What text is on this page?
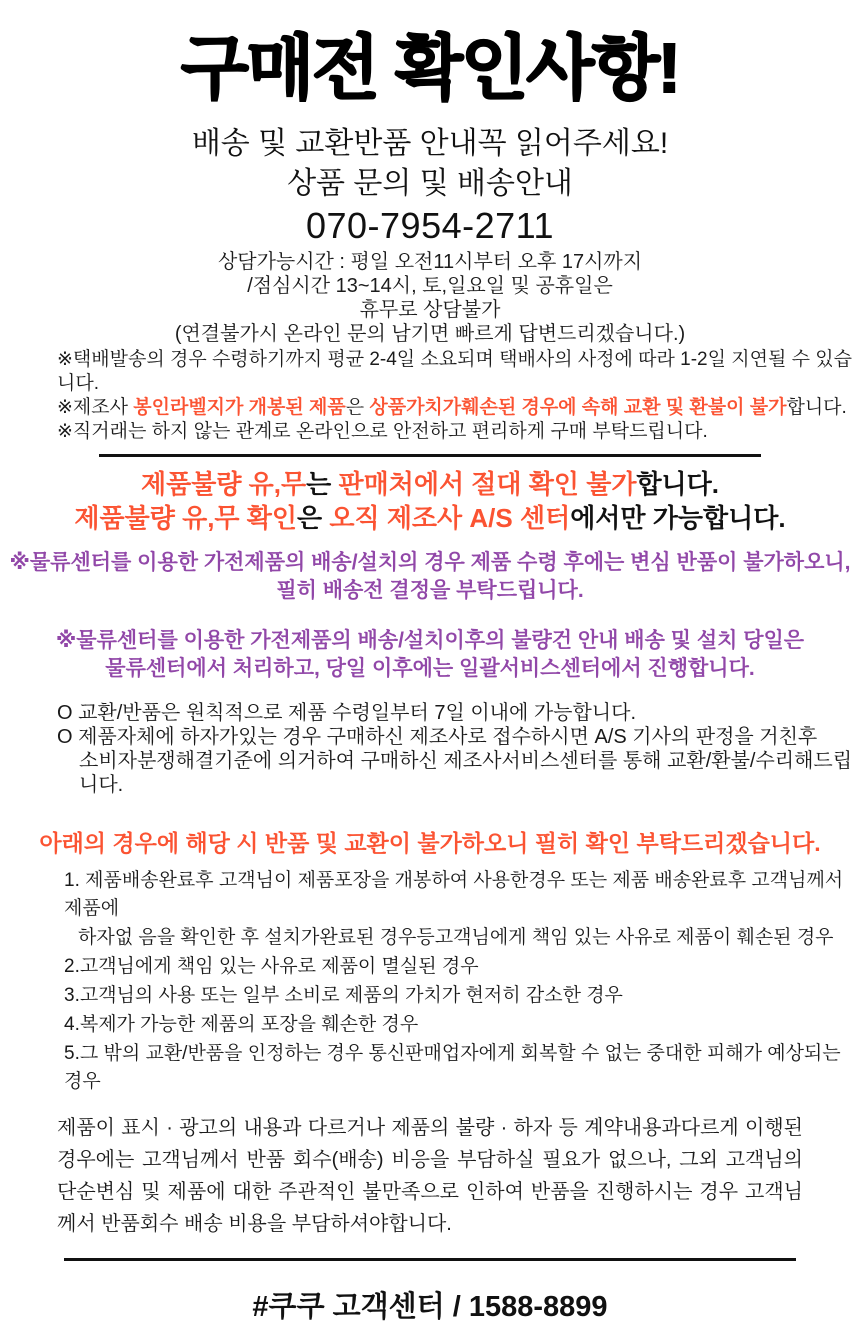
구매전 확인사항!
배송 및 교환반품 안내꼭 읽어주세요!
상품 문의 및 배송안내
070-7954-2711
상담가능시간 : 평일 오전11시부터 오후 17시까지
/점심시간 13~14시, 토,일요일 및 공휴일은
휴무로 상담불가
(연결불가시 온라인 문의 남기면 빠르게 답변드리겠습니다.)
※택배발송의 경우 수령하기까지 평균 2-4일 소요되며 택배사의 사정에 따라 1-2일 지연될 수 있습니다.
※제조사 봉인라벨지가 개봉된 제품은 상품가치가훼손된 경우에 속해 교환 및 환불이 불가합니다.
※직거래는 하지 않는 관계로 온라인으로 안전하고 편리하게 구매 부탁드립니다.
제품불량 유,무는 판매처에서 절대 확인 불가합니다.
제품불량 유,무 확인은 오직 제조사 A/S 센터에서만 가능합니다.
※물류센터를 이용한 가전제품의 배송/설치의 경우 제품 수령 후에는 변심 반품이 불가하오니,
필히 배송전 결정을 부탁드립니다.
※물류센터를 이용한 가전제품의 배송/설치이후의 불량건 안내 배송 및 설치 당일은
물류센터에서 처리하고, 당일 이후에는 일괄서비스센터에서 진행합니다.
O 교환/반품은 원칙적으로 제품 수령일부터 7일 이내에 가능합니다.
O 제품자체에 하자가있는 경우 구매하신 제조사로 접수하시면 A/S 기사의 판정을 거친후
소비자분쟁해결기준에 의거하여 구매하신 제조사서비스센터를 통해 교환/환불/수리해드립니다.
아래의 경우에 해당 시 반품 및 교환이 불가하오니 필히 확인 부탁드리겠습니다.
1. 제품배송완료후 고객님이 제품포장을 개봉하여 사용한경우 또는 제품 배송완료후 고객님께서 제품에
하자없 음을 확인한 후 설치가완료된 경우등고객님에게 책임 있는 사유로 제품이 훼손된 경우
2.고객님에게 책임 있는 사유로 제품이 멸실된 경우
3.고객님의 사용 또는 일부 소비로 제품의 가치가 현저히 감소한 경우
4.복제가 가능한 제품의 포장을 훼손한 경우
5.그 밖의 교환/반품을 인정하는 경우 통신판매업자에게 회복할 수 없는 중대한 피해가 예상되는 경우
제품이 표시 · 광고의 내용과 다르거나 제품의 불량 · 하자 등 계약내용과다르게 이행된 경우에는 고객님께서 반품 회수(배송) 비응을 부담하실 필요가 없으나, 그외 고객님의 단순변심 및 제품에 대한 주관적인 불만족으로 인하여 반품을 진행하시는 경우 고객님께서 반품회수 배송 비용을 부담하셔야합니다.
#쿠쿠 고객센터 / 1588-8899
